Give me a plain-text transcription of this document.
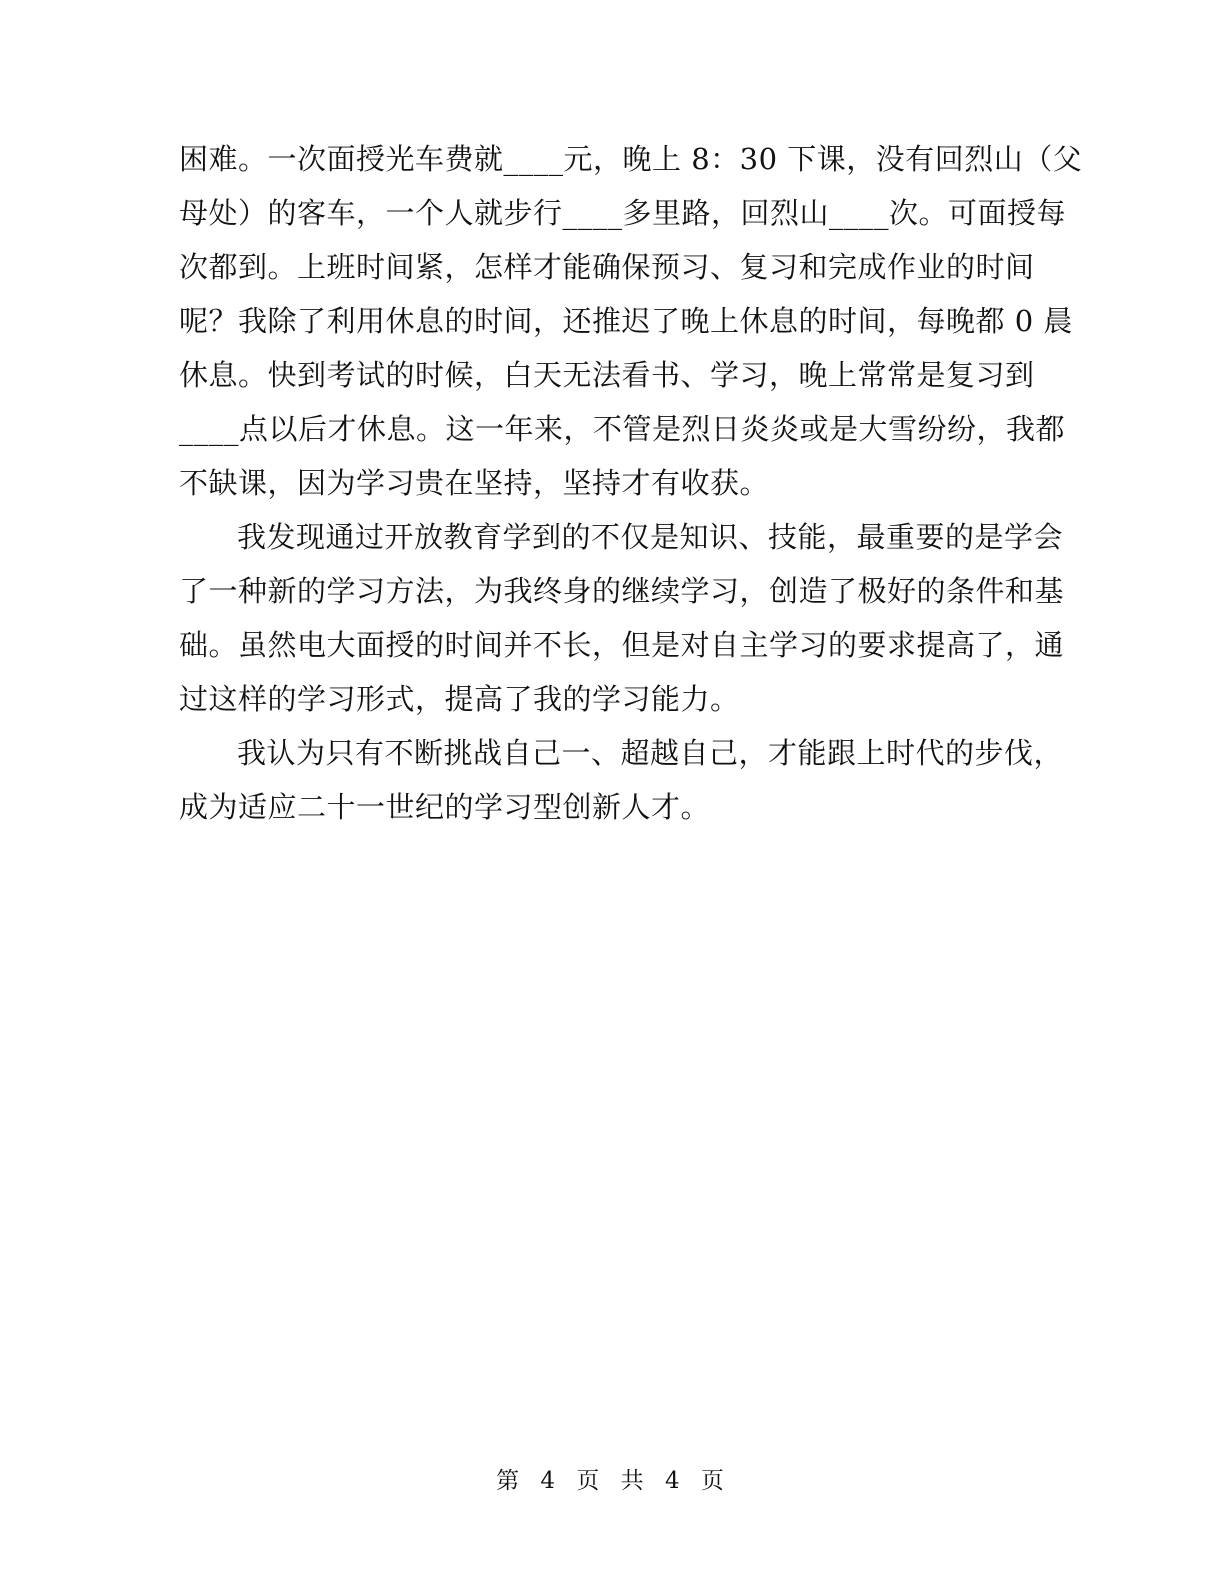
困难。一次面授光车费就____元，晚上 8：30 下课，没有回烈山（父
母处）的客车，一个人就步行____多里路，回烈山____次。可面授每
次都到。上班时间紧，怎样才能确保预习、复习和完成作业的时间
呢？我除了利用休息的时间，还推迟了晚上休息的时间，每晚都 0 晨
休息。快到考试的时候，白天无法看书、学习，晚上常常是复习到
____点以后才休息。这一年来，不管是烈日炎炎或是大雪纷纷，我都
不缺课，因为学习贵在坚持，坚持才有收获。
我发现通过开放教育学到的不仅是知识、技能，最重要的是学会
了一种新的学习方法，为我终身的继续学习，创造了极好的条件和基
础。虽然电大面授的时间并不长，但是对自主学习的要求提高了，通
过这样的学习形式，提高了我的学习能力。
我认为只有不断挑战自己一、超越自己，才能跟上时代的步伐，
成为适应二十一世纪的学习型创新人才。
第 4 页 共 4 页
